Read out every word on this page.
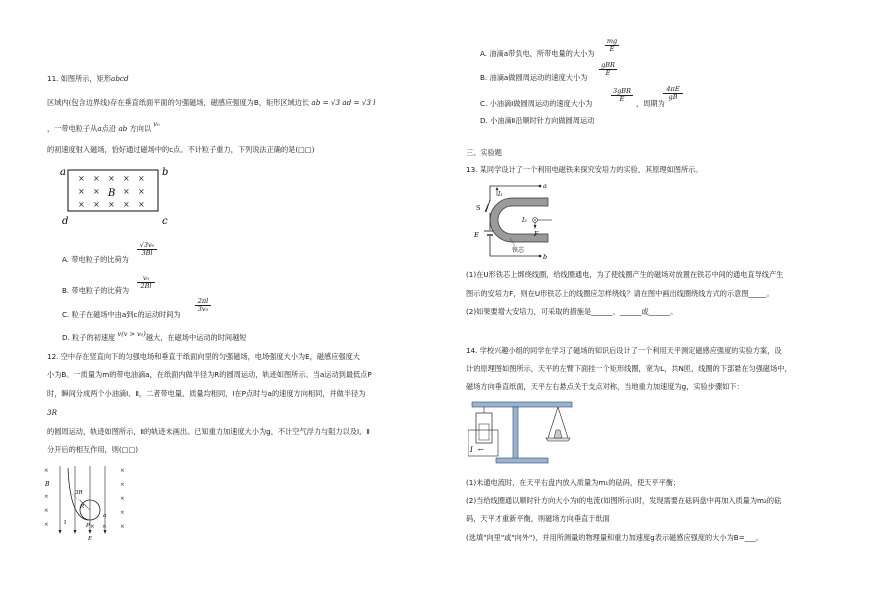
11. 如图所示，矩形abcd
区域内(包含边界线)存在垂直纸面平面的匀强磁场，磁感应强度为B，矩形区域边长 ab = √3 ad = √3 l
，一带电粒子从a点沿 ab 方向以 v₀
的初速度射入磁场，恰好通过磁场中的c点。不计粒子重力，下列说法正确的是(□□)
a	b
d	c
× × × × ×
× ×	× ×
× × × × ×
B
A. 带电粒子的比荷为
$\frac{\text{√3v₀}}{3Bl}$
B. 带电粒子的比荷为
$\frac{\text{v₀}}{2Bl}$
C. 粒子在磁场中由a到c的运动时间为
$\frac{2\pi l}{\text{3v₀}}$
D. 粒子的初速度 v(v > v₀)越大，在磁场中运动的时间越短
12. 空中存在竖直向下的匀强电场和垂直于纸面向里的匀强磁场，电场强度大小为E，磁感应强度大
小为B。一质量为m的带电油滴a，在纸面内做半径为R的圆周运动，轨迹如图所示。当a运动到最低点P
时，瞬间分成两个小油滴Ⅰ、Ⅱ，二者带电量、质量均相同，Ⅰ在P点时与a的速度方向相同，并做半径为
3R
的圆周运动，轨迹如图所示，Ⅱ的轨迹未画出。已知重力加速度大小为g，不计空气浮力与阻力以及Ⅰ、Ⅱ
分开后的相互作用，则(□□)
×
×
×
×
×
×
×
×
×
× ×
B
3R
R
Ⅰ	P
a
E
A. 油滴a带负电，所带电量的大小为
$\frac{mg}{E}$
B. 油滴a做圆周运动的速度大小为
gBR
E
C. 小油滴Ⅰ做圆周运动的速度大小为
3gBR
E	，周期为
$\frac{4\pi E}{gB}$
D. 小油滴Ⅱ沿顺时针方向做圆周运动
三、实验题
13. 某同学设计了一个利用电磁铁来探究安培力的实验，其原理如图所示。
a
b
S
E
I₁
I₂
F
铁芯
(1)在U形铁芯上绑绕线圈，给线圈通电，为了使线圈产生的磁场对放置在铁芯中间的通电直导线产生
图示的安培力F，则在U形铁芯上的线圈应怎样绕线？请在图中画出线圈绕线方式的示意图_____。
(2)如果要增大安培力，可采取的措施是______、______或______。
14. 学校兴趣小组的同学在学习了磁场的知识后设计了一个利用天平测定磁感应强度的实验方案，设
计的原理图如图所示，天平的左臂下面挂一个矩形线圈，宽为L，共N匝，线圈的下部悬在匀强磁场中，
磁场方向垂直纸面，天平左右悬点关于支点对称，当地重力加速度为g，实验步骤如下：
I ←
(1)未通电流时，在天平右盘内放入质量为m₁的砝码，使天平平衡；
(2)当给线圈通以顺时针方向大小为I的电流(如图所示)时，发现需要在砝码盘中再加入质量为m₂的砝
码，天平才重新平衡，则磁场方向垂直于纸面
(选填"向里"或"向外")，并用所测量的物理量和重力加速度g表示磁感应强度的大小为B=___。
